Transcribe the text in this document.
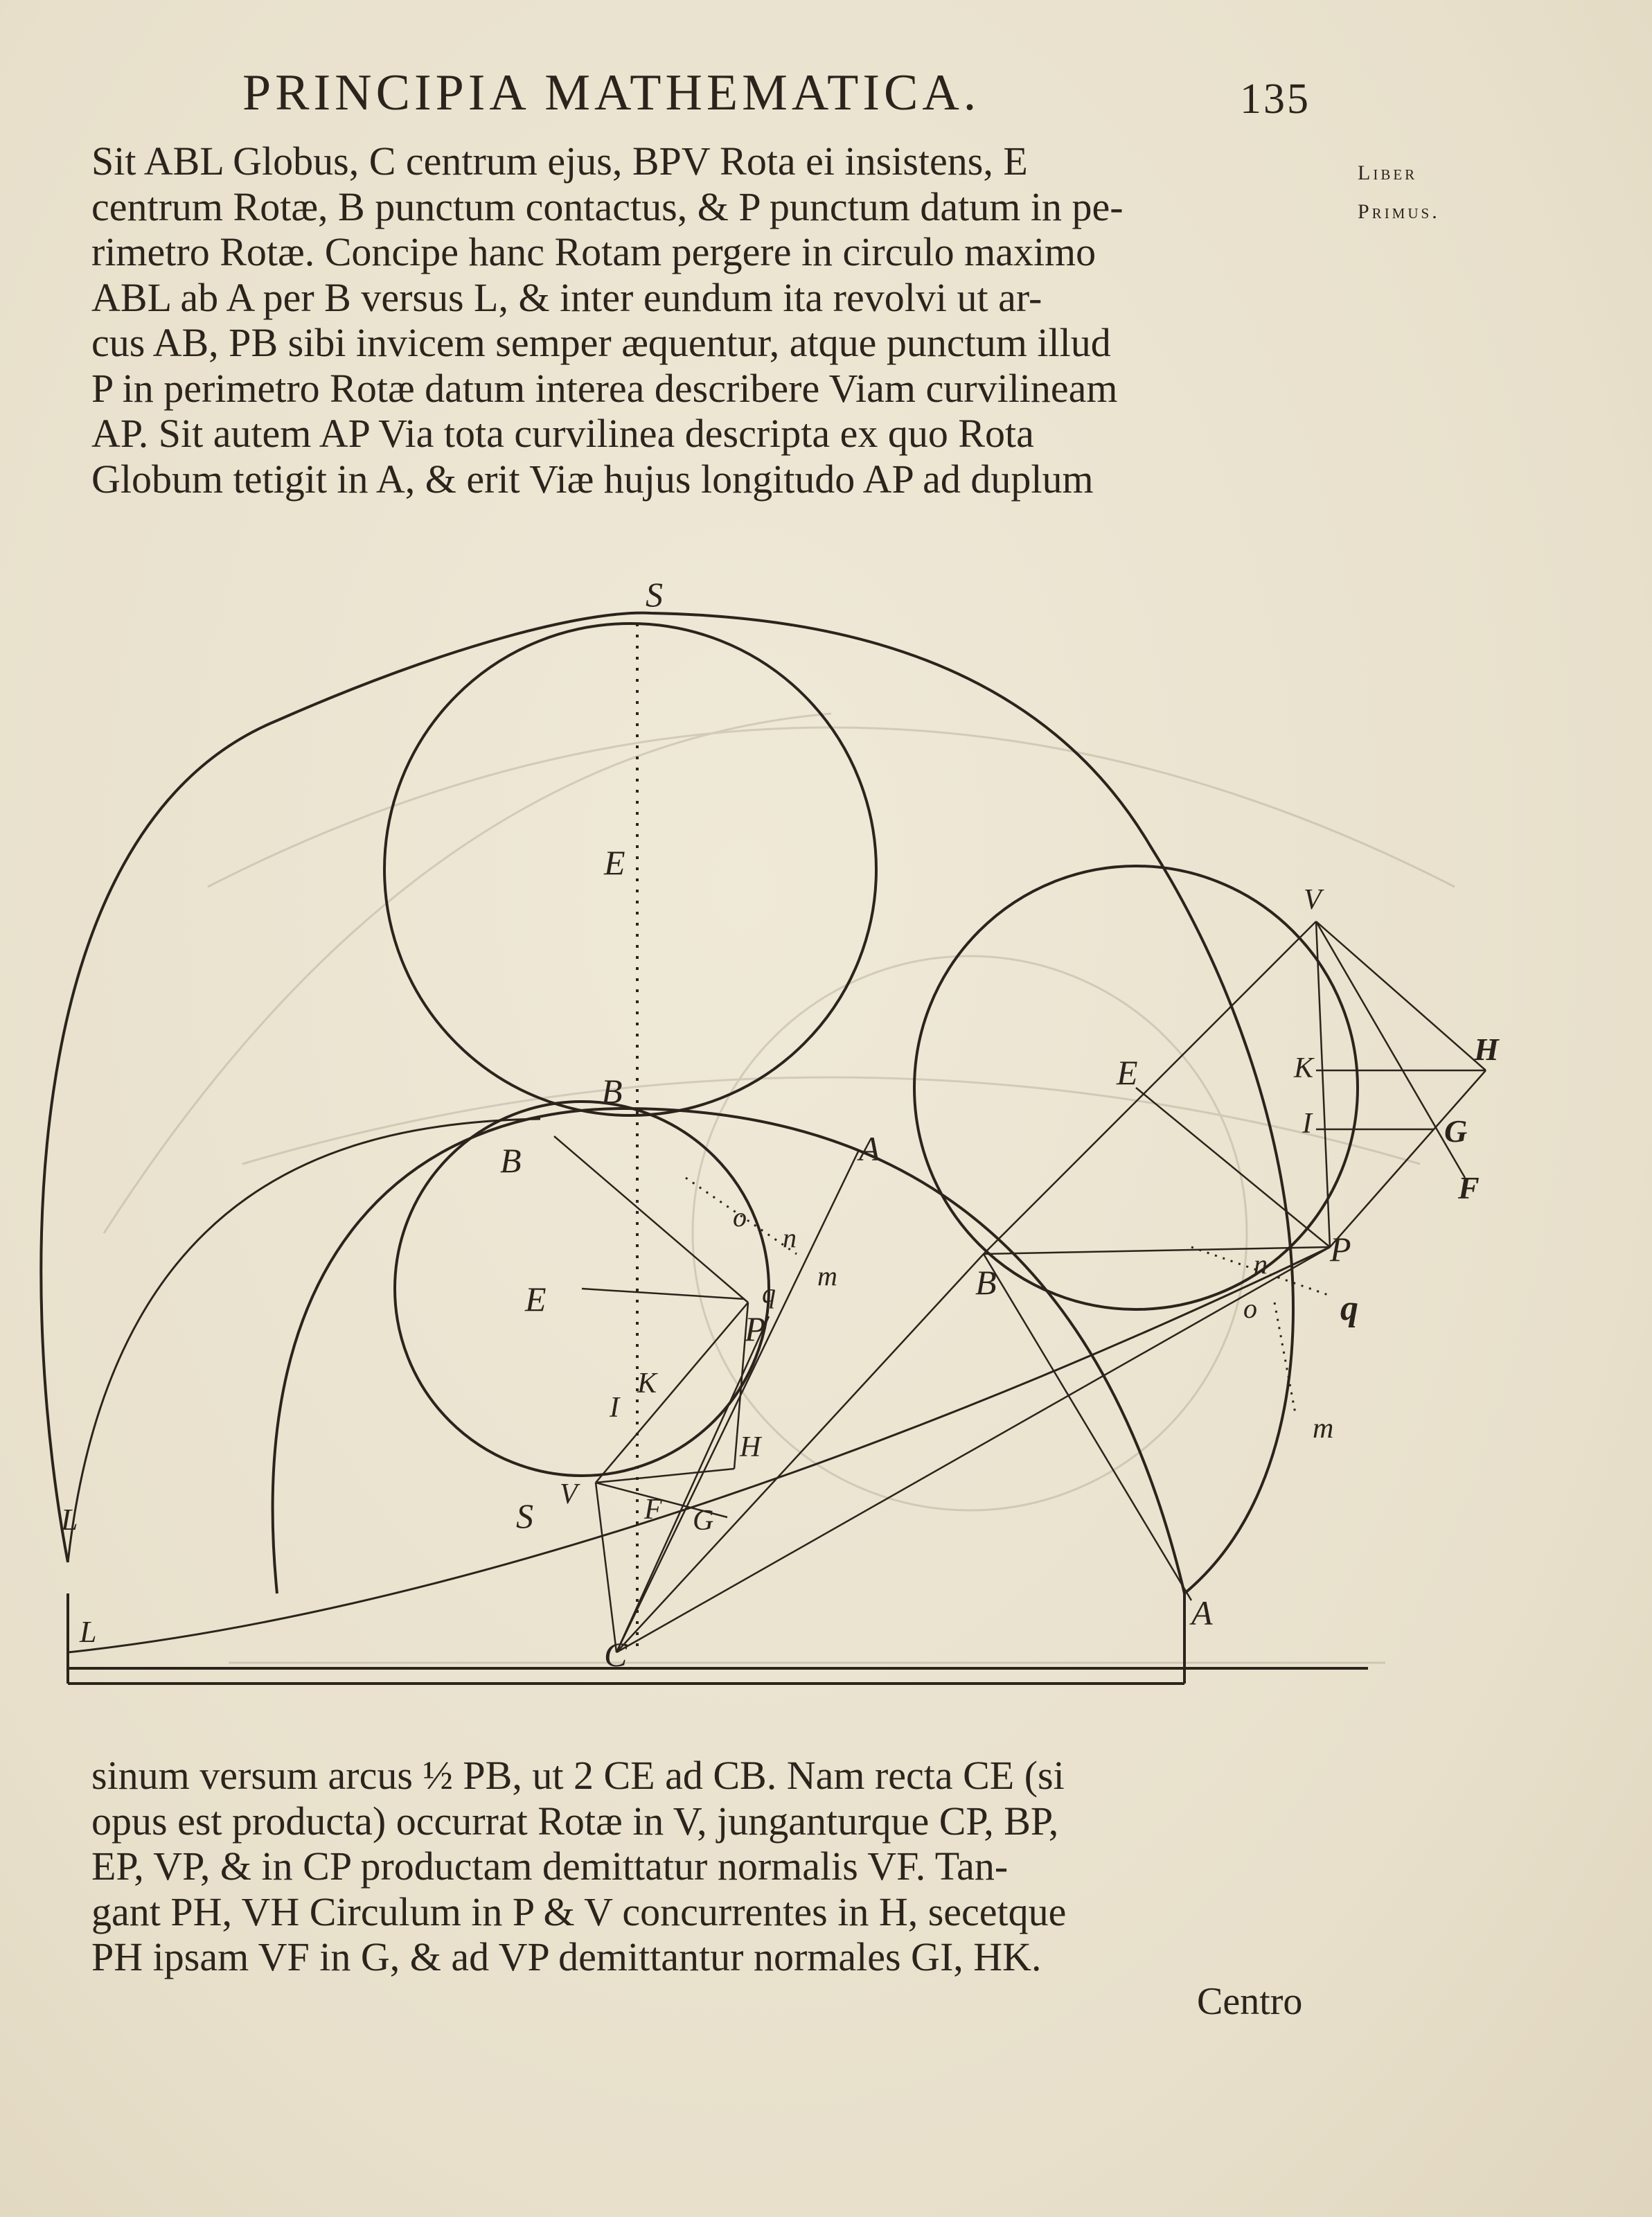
PRINCIPIA MATHEMATICA.	135
Liber
Primus.
Sit ABL Globus, C centrum ejus, BPV Rota ei insistens, E
centrum Rotæ, B punctum contactus, & P punctum datum in pe-
rimetro Rotæ. Concipe hanc Rotam pergere in circulo maximo
ABL ab A per B versus L, & inter eundum ita revolvi ut ar-
cus AB, PB sibi invicem semper æquentur, atque punctum illud
P in perimetro Rotæ datum interea describere Viam curvilineam
AP. Sit autem AP Via tota curvilinea descripta ex quo Rota
Globum tetigit in A, & erit Viæ hujus longitudo AP ad duplum
S
E
B
B	A
E
o
n
m
q
P
K
I
H
S
V F G
C
L
L	A
B
E
V
K
I
H
G
F
P
q
n
o
m
sinum versum arcus ½ PB, ut 2 CE ad CB. Nam recta CE (si
opus est producta) occurrat Rotæ in V, junganturque CP, BP,
EP, VP, & in CP productam demittatur normalis VF. Tan-
gant PH, VH Circulum in P & V concurrentes in H, secetque
PH ipsam VF in G, & ad VP demittantur normales GI, HK.
Centro
